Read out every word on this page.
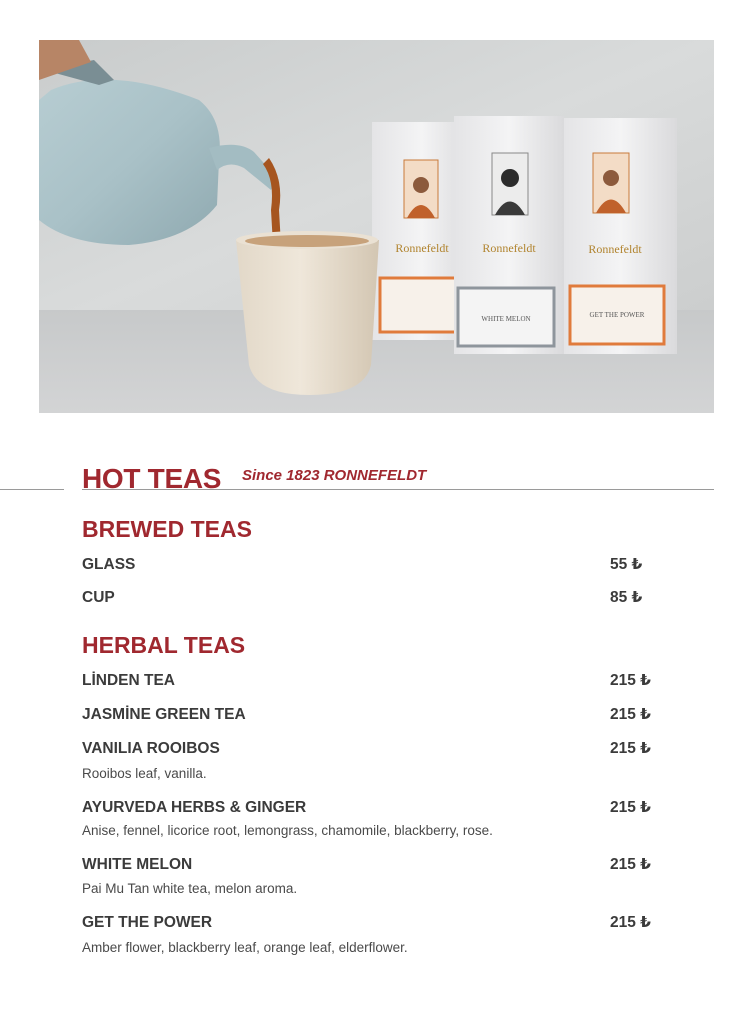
Ronnefeldt	Ronnefeldt
WHITE MELON
Ronnefeldt
GET THE POWER
HOT TEAS Since 1823 RONNEFELDT

BREWED TEAS

GLASS	55 ₺

CUP	85 ₺

HERBAL TEAS

LİNDEN TEA	215 ₺

JASMİNE GREEN TEA	215 ₺

VANILIA ROOIBOS	215 ₺

Rooibos leaf, vanilla.

AYURVEDA HERBS & GINGER	215 ₺

Anise, fennel, licorice root, lemongrass, chamomile, blackberry, rose.

WHITE MELON	215 ₺

Pai Mu Tan white tea, melon aroma.

GET THE POWER	215 ₺

Amber flower, blackberry leaf, orange leaf, elderflower.
